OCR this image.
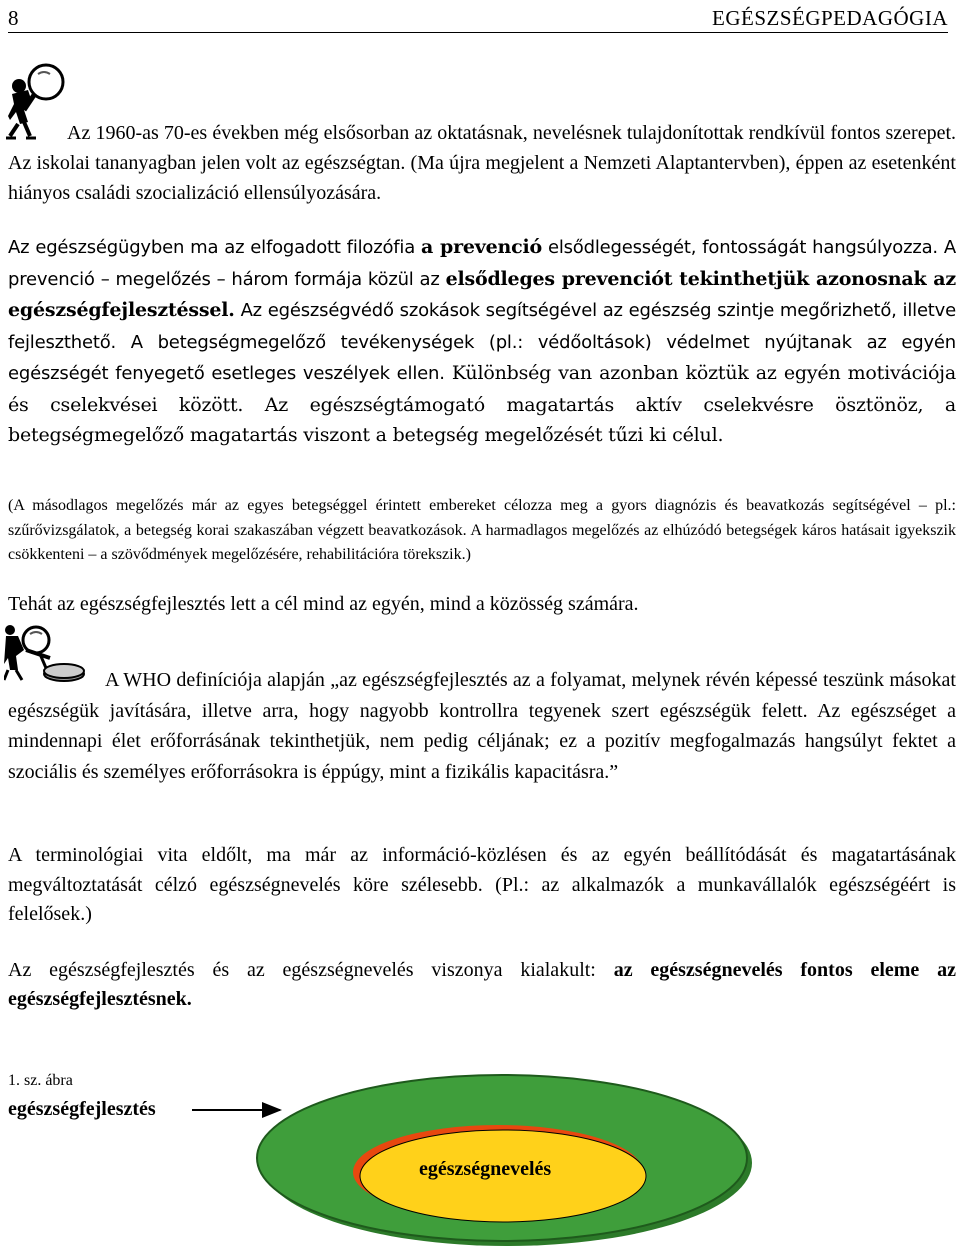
8	EGÉSZSÉGPEDAGÓGIA

Az 1960-as 70-es években még elsősorban az oktatásnak, nevelésnek tulajdonítottak rendkívül fontos szerepet. Az iskolai tananyagban jelen volt az egészségtan. (Ma újra megjelent a Nemzeti Alaptantervben), éppen az esetenként hiányos családi szocializáció ellensúlyozására.

Az egészségügyben ma az elfogadott filozófia a prevenció elsődlegességét, fontosságát hangsúlyozza. A prevenció – megelőzés – három formája közül az elsődleges prevenciót tekinthetjük azonosnak az egészségfejlesztéssel. Az egészségvédő szokások segítségével az egészség szintje megőrizhető, illetve fejleszthető. A betegségmegelőző tevékenységek (pl.: védőoltások) védelmet nyújtanak az egyén egészségét fenyegető esetleges veszélyek ellen. Különbség van azonban köztük az egyén motivációja és cselekvései között. Az egészségtámogató magatartás aktív cselekvésre ösztönöz, a betegségmegelőző magatartás viszont a betegség megelőzését tűzi ki célul.

(A másodlagos megelőzés már az egyes betegséggel érintett embereket célozza meg a gyors diagnózis és beavatkozás segítségével – pl.: szűrővizsgálatok, a betegség korai szakaszában végzett beavatkozások. A harmadlagos megelőzés az elhúzódó betegségek káros hatásait igyekszik csökkenteni – a szövődmények megelőzésére, rehabilitációra törekszik.)

Tehát az egészségfejlesztés lett a cél mind az egyén, mind a közösség számára.

A WHO definíciója alapján „az egészségfejlesztés az a folyamat, melynek révén képessé teszünk másokat egészségük javítására, illetve arra, hogy nagyobb kontrollra tegyenek szert egészségük felett. Az egészséget a mindennapi élet erőforrásának tekinthetjük, nem pedig céljának; ez a pozitív megfogalmazás hangsúlyt fektet a szociális és személyes erőforrásokra is éppúgy, mint a fizikális kapacitásra.”

A terminológiai vita eldőlt, ma már az információ-közlésen és az egyén beállítódását és magatartásának megváltoztatását célzó egészségnevelés köre szélesebb. (Pl.: az alkalmazók a munkavállalók egészségéért is felelősek.)

Az egészségfejlesztés és az egészségnevelés viszonya kialakult: az egészségnevelés fontos eleme az egészségfejlesztésnek.

1. sz. ábra
egészségfejlesztés
egészségnevelés
